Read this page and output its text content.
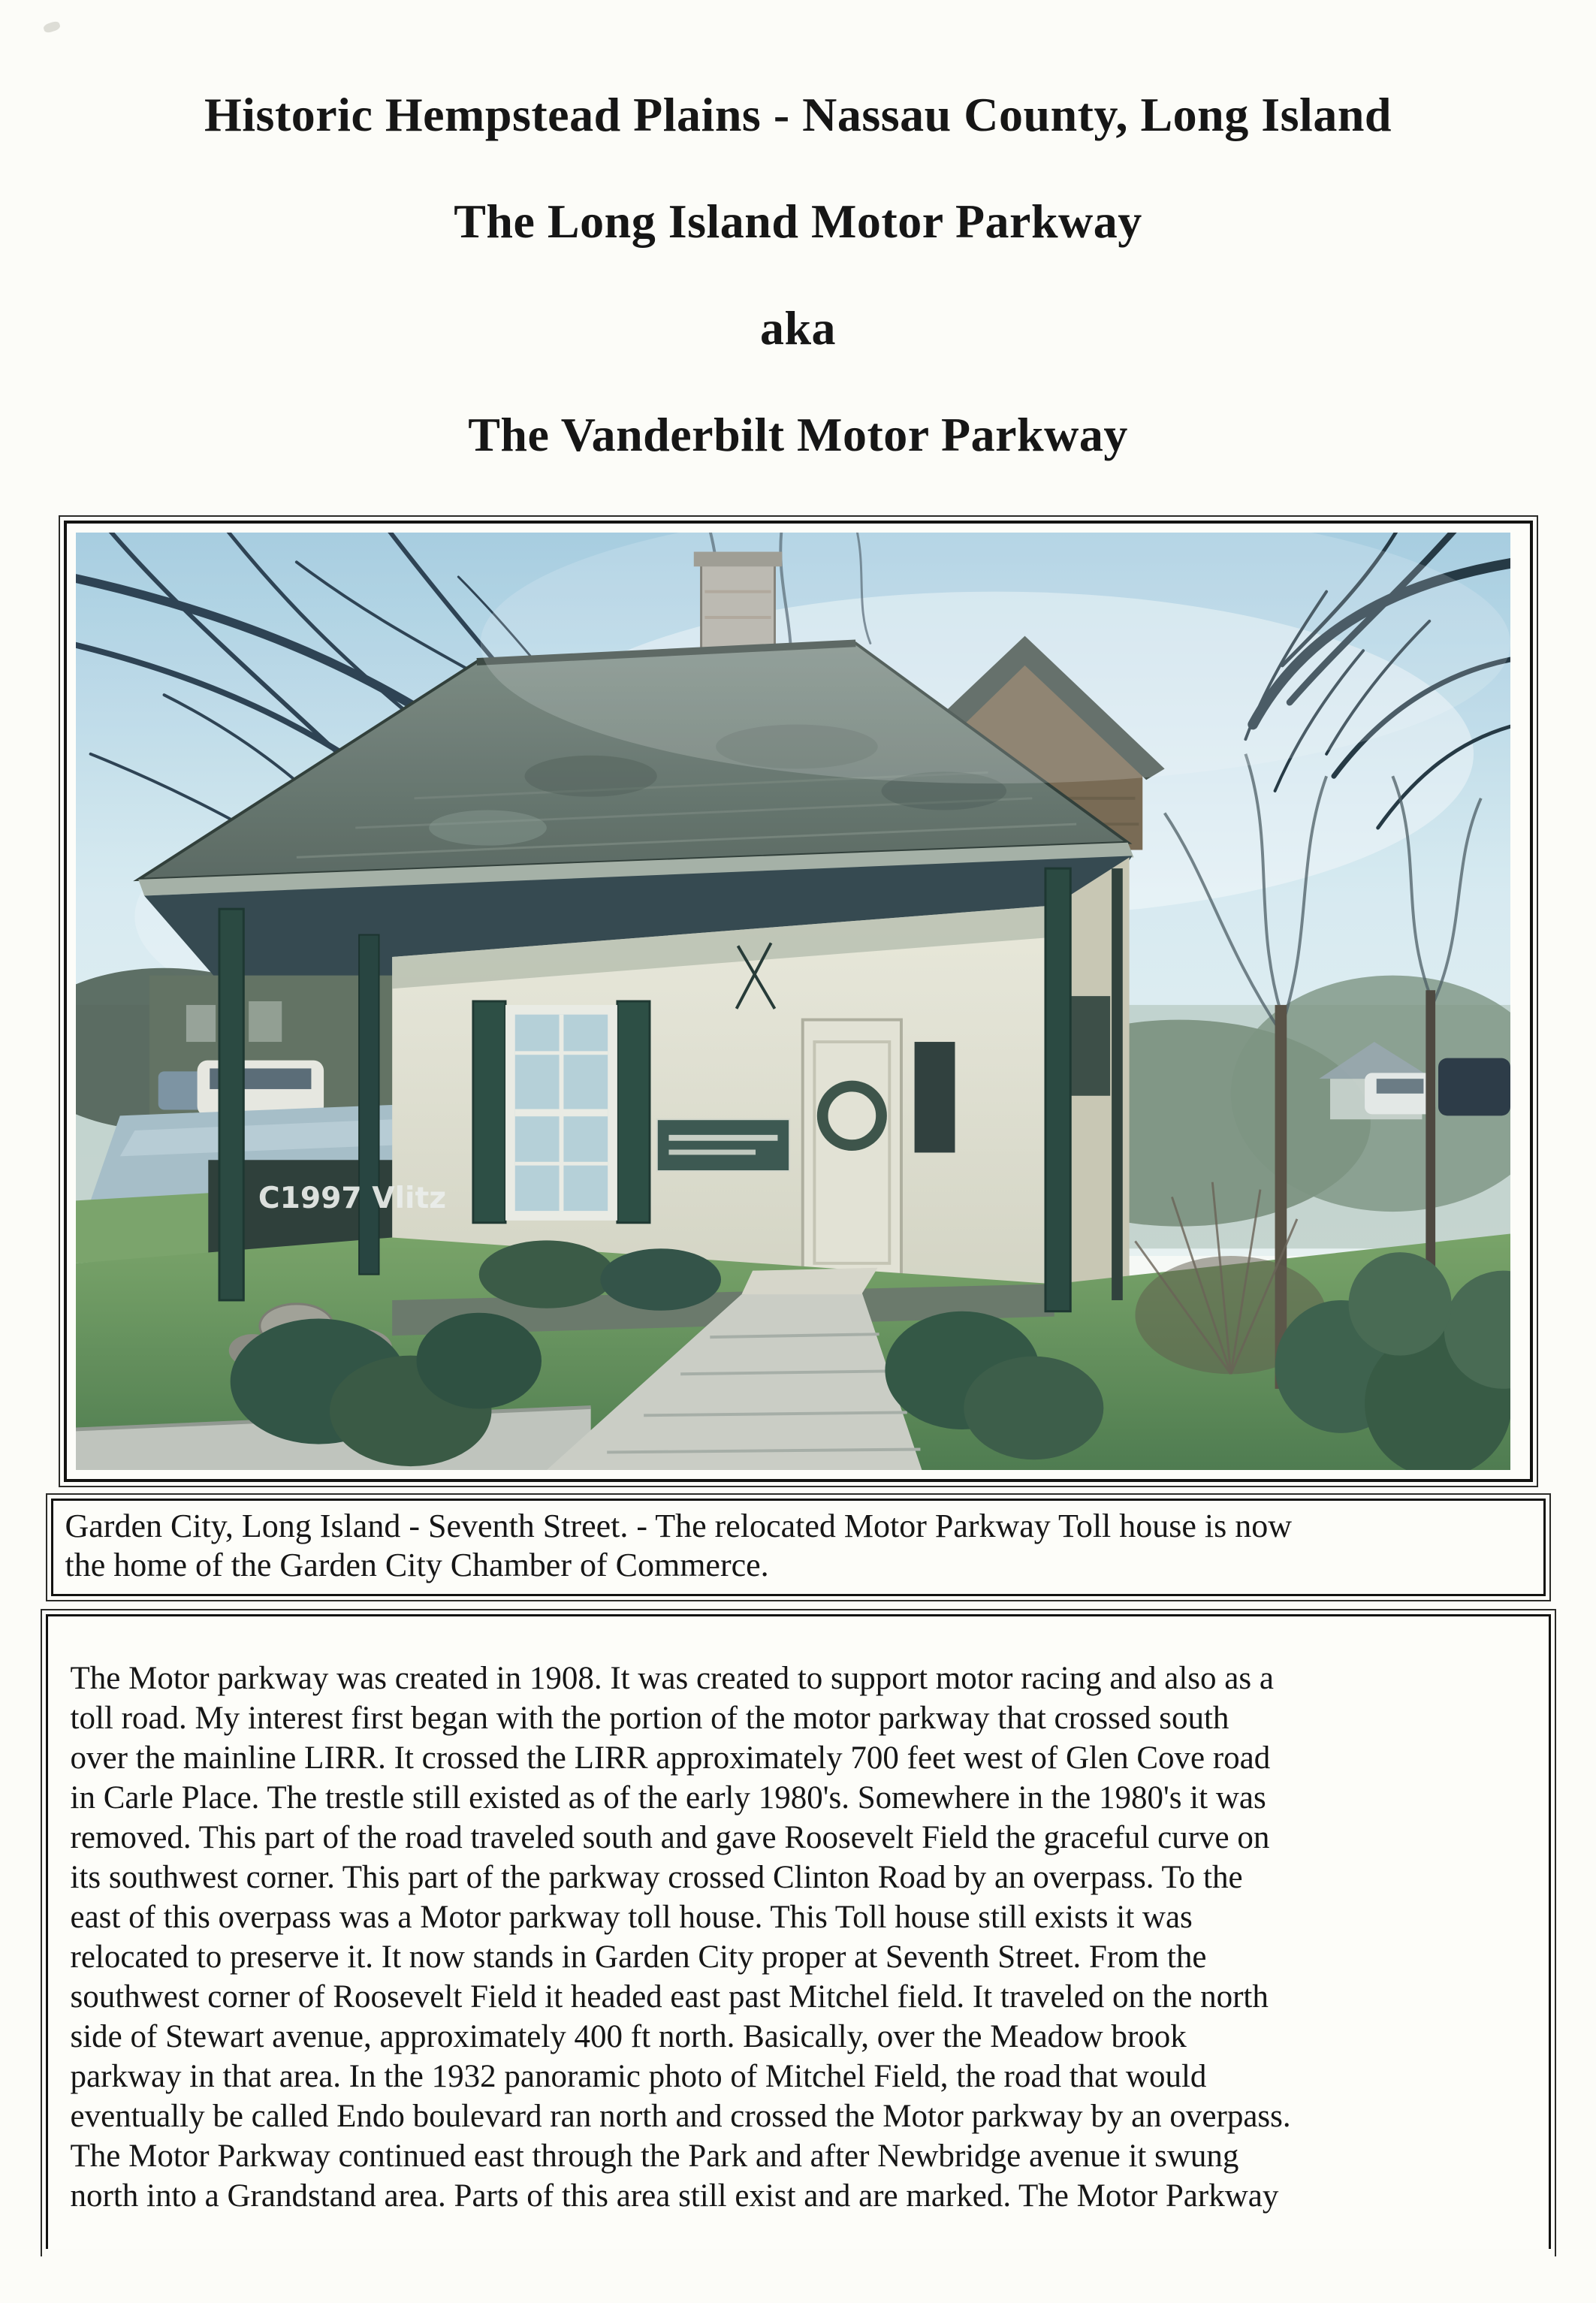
Historic Hempstead Plains - Nassau County, Long Island
The Long Island Motor Parkway
aka
The Vanderbilt Motor Parkway
C1997 Vlitz
Garden City, Long Island - Seventh Street. - The relocated Motor Parkway Toll house is now
the home of the Garden City Chamber of Commerce.
The Motor parkway was created in 1908. It was created to support motor racing and also as a
toll road. My interest first began with the portion of the motor parkway that crossed south
over the mainline LIRR. It crossed the LIRR approximately 700 feet west of Glen Cove road
in Carle Place. The trestle still existed as of the early 1980's. Somewhere in the 1980's it was
removed. This part of the road traveled south and gave Roosevelt Field the graceful curve on
its southwest corner. This part of the parkway crossed Clinton Road by an overpass. To the
east of this overpass was a Motor parkway toll house. This Toll house still exists it was
relocated to preserve it. It now stands in Garden City proper at Seventh Street. From the
southwest corner of Roosevelt Field it headed east past Mitchel field. It traveled on the north
side of Stewart avenue, approximately 400 ft north. Basically, over the Meadow brook
parkway in that area. In the 1932 panoramic photo of Mitchel Field, the road that would
eventually be called Endo boulevard ran north and crossed the Motor parkway by an overpass.
The Motor Parkway continued east through the Park and after Newbridge avenue it swung
north into a Grandstand area. Parts of this area still exist and are marked. The Motor Parkway
